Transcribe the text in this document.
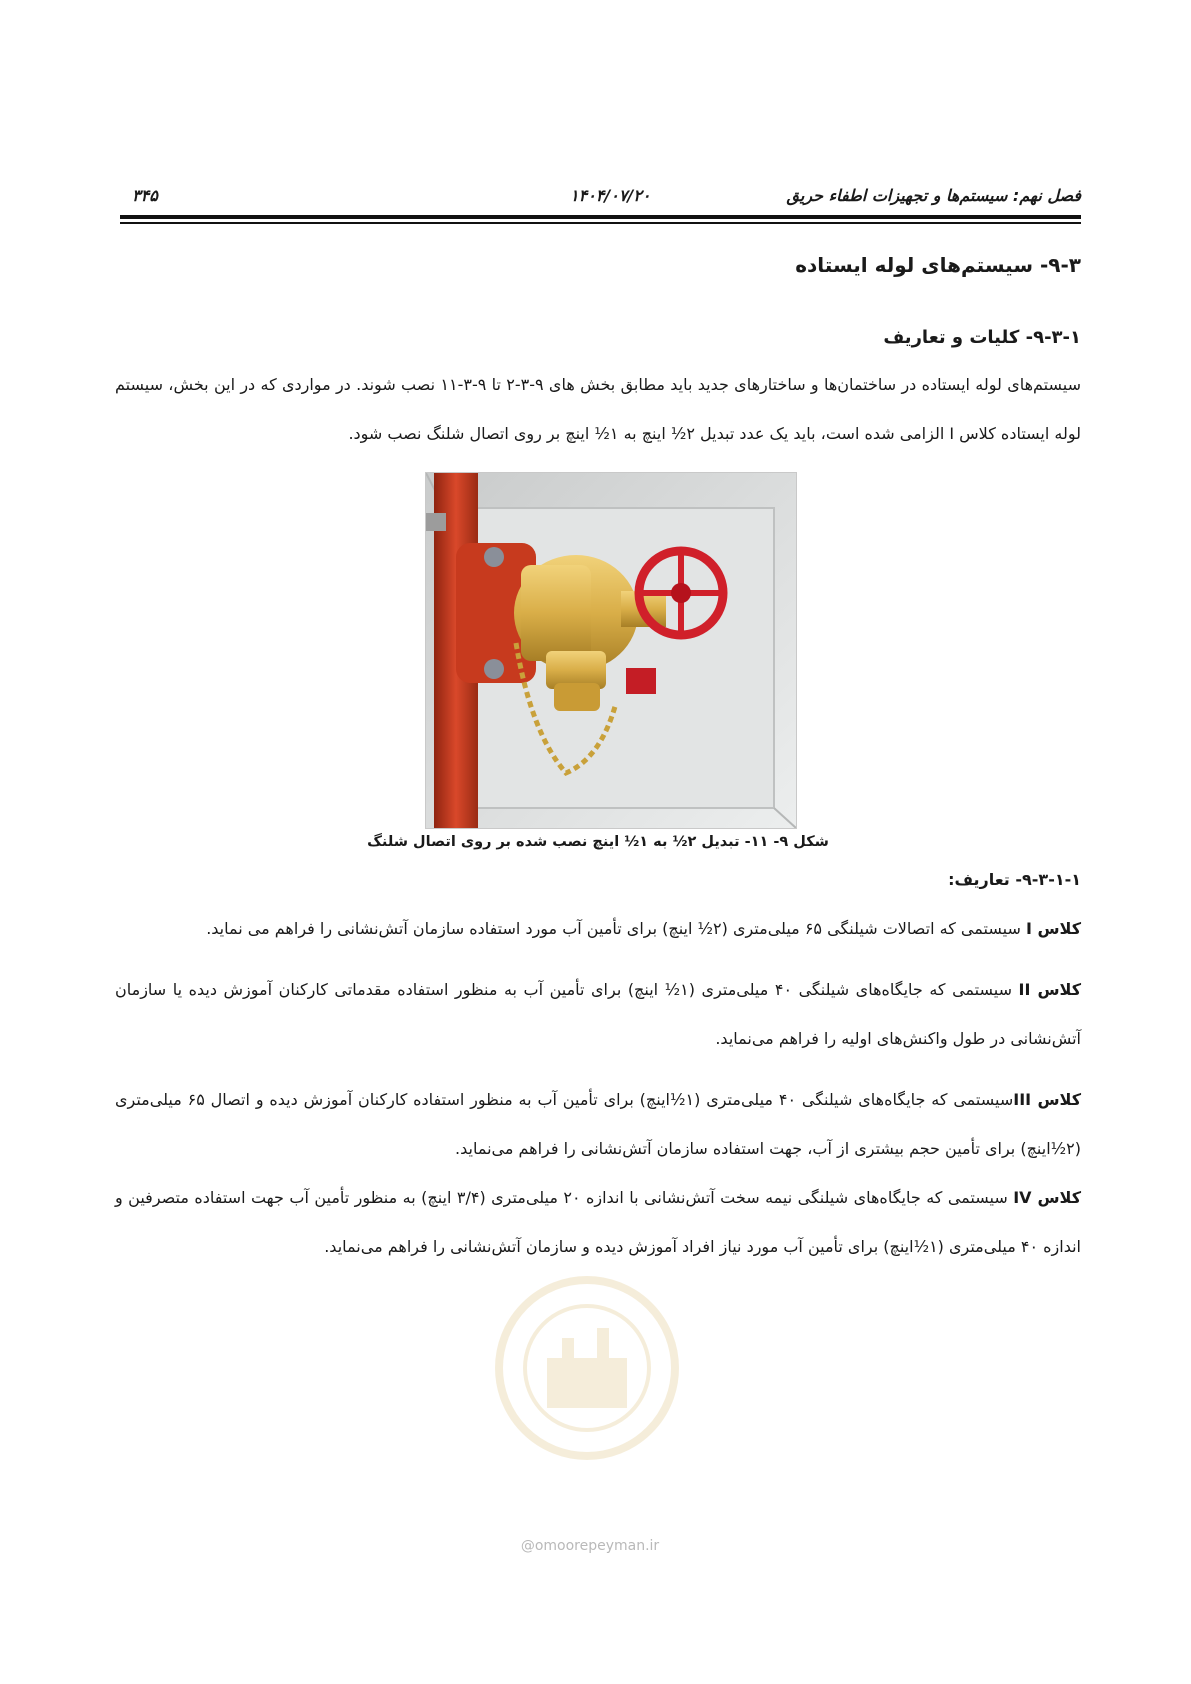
فصل نهم: سیستم‌ها و تجهیزات اطفاء حریق
۱۴۰۴/۰۷/۲۰
۳۴۵
۹-۳- سیستم‌های لوله ایستاده
۹-۳-۱- کلیات و تعاریف

سیستم‌های لوله ایستاده در ساختمان‌ها و ساختارهای جدید باید مطابق بخش های ۹-۳-۲ تا ۹-۳-۱۱ نصب شوند. در مواردی که در این بخش، سیستم لوله ایستاده کلاس I الزامی شده است، باید یک عدد تبدیل ۲½ اینچ به ۱½ اینچ بر روی اتصال شلنگ نصب شود.

شکل ۹- ۱۱- تبدیل ۲½ به ۱½ اینچ نصب شده بر روی اتصال شلنگ
۹-۳-۱-۱- تعاریف:

کلاس I سیستمی که اتصالات شیلنگی ۶۵ میلی‌متری (۲½ اینچ) برای تأمین آب مورد استفاده سازمان آتش‌نشانی را فراهم می نماید.

کلاس II سیستمی که جایگاه‌های شیلنگی ۴۰ میلی‌متری (۱½ اینچ) برای تأمین آب به منظور استفاده مقدماتی کارکنان آموزش دیده یا سازمان آتش‌نشانی در طول واکنش‌های اولیه را فراهم می‌نماید.

کلاس IIIسیستمی که جایگاه‌های شیلنگی ۴۰ میلی‌متری (۱½اینچ) برای تأمین آب به منظور استفاده کارکنان آموزش دیده و اتصال ۶۵ میلی‌متری (۲½اینچ) برای تأمین حجم بیشتری از آب، جهت استفاده سازمان آتش‌نشانی را فراهم می‌نماید.

کلاس IV سیستمی که جایگاه‌های شیلنگی نیمه سخت آتش‌نشانی با اندازه ۲۰ میلی‌متری (۳/۴ اینچ) به منظور تأمین آب جهت استفاده متصرفین و اندازه ۴۰ میلی‌متری (۱½اینچ) برای تأمین آب مورد نیاز افراد آموزش دیده و سازمان آتش‌نشانی را فراهم می‌نماید.

@omoorepeyman.ir
